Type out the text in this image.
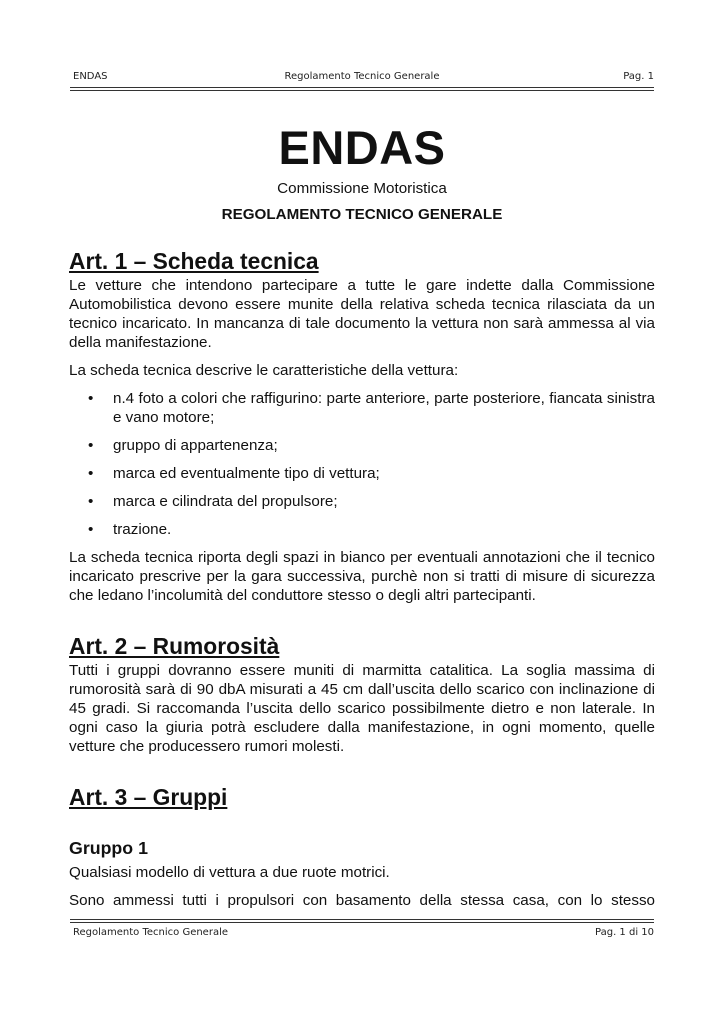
ENDAS	Regolamento Tecnico Generale	Pag. 1
ENDAS
Commissione Motoristica
REGOLAMENTO TECNICO GENERALE
Art. 1 – Scheda tecnica

Le vetture che intendono partecipare a tutte le gare indette dalla Commissione Automobilistica devono essere munite della relativa scheda tecnica rilasciata da un tecnico incaricato. In mancanza di tale documento la vettura non sarà ammessa al via della manifestazione.

La scheda tecnica descrive le caratteristiche della vettura:

• n.4 foto a colori che raffigurino: parte anteriore, parte posteriore, fiancata sinistra e vano motore;
• gruppo di appartenenza;
• marca ed eventualmente tipo di vettura;
• marca e cilindrata del propulsore;
• trazione.

La scheda tecnica riporta degli spazi in bianco per eventuali annotazioni che il tecnico incaricato prescrive per la gara successiva, purchè non si tratti di misure di sicurezza che ledano l’incolumità del conduttore stesso o degli altri partecipanti.

Art. 2 – Rumorosità

Tutti i gruppi dovranno essere muniti di marmitta catalitica. La soglia massima di rumorosità sarà di 90 dbA misurati a 45 cm dall’uscita dello scarico con inclinazione di 45 gradi. Si raccomanda l’uscita dello scarico possibilmente dietro e non laterale. In ogni caso la giuria potrà escludere dalla manifestazione, in ogni momento, quelle vetture che producessero rumori molesti.

Art. 3 – Gruppi
Gruppo 1

Qualsiasi modello di vettura a due ruote motrici.

Sono ammessi tutti i propulsori con basamento della stessa casa, con lo stesso

Regolamento Tecnico Generale	Pag. 1 di 10
